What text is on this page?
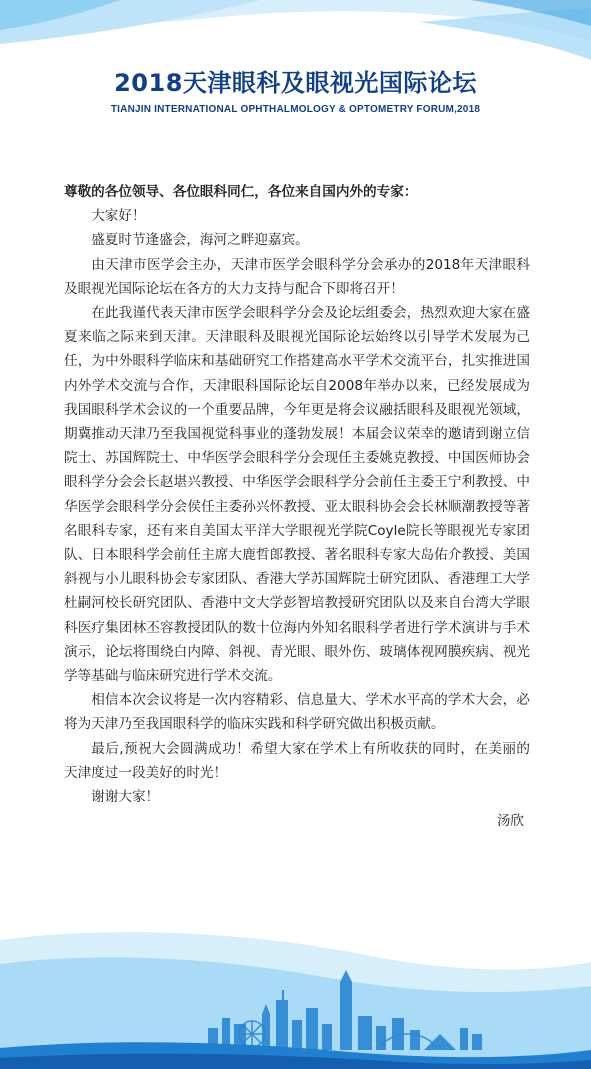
2018天津眼科及眼视光国际论坛

TIANJIN INTERNATIONAL OPHTHALMOLOGY & OPTOMETRY FORUM,2018

尊敬的各位领导、各位眼科同仁，各位来自国内外的专家：

大家好！

盛夏时节逢盛会，海河之畔迎嘉宾。

由天津市医学会主办，天津市医学会眼科学分会承办的2018年天津眼科及眼视光国际论坛在各方的大力支持与配合下即将召开！

在此我谨代表天津市医学会眼科学分会及论坛组委会，热烈欢迎大家在盛夏来临之际来到天津。天津眼科及眼视光国际论坛始终以引导学术发展为己任，为中外眼科学临床和基础研究工作搭建高水平学术交流平台，扎实推进国内外学术交流与合作，天津眼科国际论坛自2008年举办以来，已经发展成为我国眼科学术会议的一个重要品牌，今年更是将会议融括眼科及眼视光领域，期冀推动天津乃至我国视觉科事业的蓬勃发展！本届会议荣幸的邀请到谢立信院士、苏国辉院士、中华医学会眼科学分会现任主委姚克教授、中国医师协会眼科学分会会长赵堪兴教授、中华医学会眼科学分会前任主委王宁利教授、中华医学会眼科学分会侯任主委孙兴怀教授、亚太眼科协会会长林顺潮教授等著名眼科专家，还有来自美国太平洋大学眼视光学院Coyle院长等眼视光专家团队、日本眼科学会前任主席大鹿哲郎教授、著名眼科专家大岛佑介教授、美国斜视与小儿眼科协会专家团队、香港大学苏国辉院士研究团队、香港理工大学杜嗣河校长研究团队、香港中文大学彭智培教授研究团队以及来自台湾大学眼科医疗集团林丕容教授团队的数十位海内外知名眼科学者进行学术演讲与手术演示，论坛将围绕白内障、斜视、青光眼、眼外伤、玻璃体视网膜疾病、视光学等基础与临床研究进行学术交流。

相信本次会议将是一次内容精彩、信息量大、学术水平高的学术大会，必将为天津乃至我国眼科学的临床实践和科学研究做出积极贡献。

最后,预祝大会圆满成功！希望大家在学术上有所收获的同时，在美丽的天津度过一段美好的时光！

谢谢大家！

汤欣
